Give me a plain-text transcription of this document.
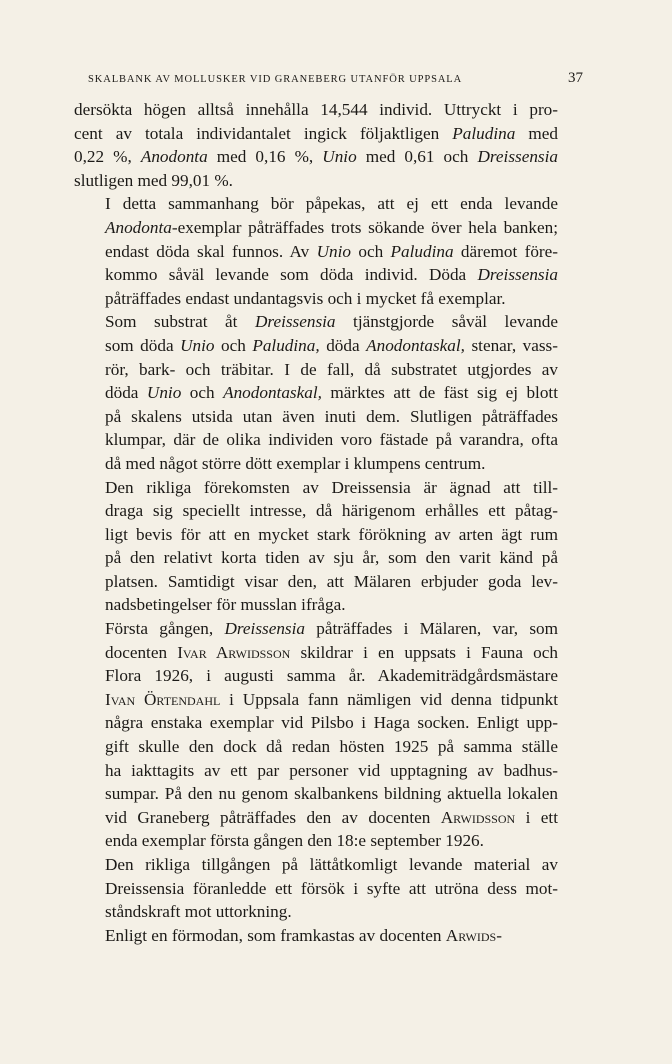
SKALBANK AV MOLLUSKER VID GRANEBERG UTANFÖR UPPSALA	37

dersökta högen alltså innehålla 14,544 individ. Uttryckt i pro-
cent av totala individantalet ingick följaktligen Paludina med
0,22 %, Anodonta med 0,16 %, Unio med 0,61 och Dreissensia
slutligen med 99,01 %.

I detta sammanhang bör påpekas, att ej ett enda levande
Anodonta-exemplar påträffades trots sökande över hela banken;
endast döda skal funnos. Av Unio och Paludina däremot före-
kommo såväl levande som döda individ. Döda Dreissensia
påträffades endast undantagsvis och i mycket få exemplar.

Som substrat åt Dreissensia tjänstgjorde såväl levande
som döda Unio och Paludina, döda Anodontaskal, stenar, vass-
rör, bark- och träbitar. I de fall, då substratet utgjordes av
döda Unio och Anodontaskal, märktes att de fäst sig ej blott
på skalens utsida utan även inuti dem. Slutligen påträffades
klumpar, där de olika individen voro fästade på varandra, ofta
då med något större dött exemplar i klumpens centrum.

Den rikliga förekomsten av Dreissensia är ägnad att till-
draga sig speciellt intresse, då härigenom erhålles ett påtag-
ligt bevis för att en mycket stark förökning av arten ägt rum
på den relativt korta tiden av sju år, som den varit känd på
platsen. Samtidigt visar den, att Mälaren erbjuder goda lev-
nadsbetingelser för musslan ifråga.

Första gången, Dreissensia påträffades i Mälaren, var, som
docenten Ivar Arwidsson skildrar i en uppsats i Fauna och
Flora 1926, i augusti samma år. Akademiträdgårdsmästare
Ivan Örtendahl i Uppsala fann nämligen vid denna tidpunkt
några enstaka exemplar vid Pilsbo i Haga socken. Enligt upp-
gift skulle den dock då redan hösten 1925 på samma ställe
ha iakttagits av ett par personer vid upptagning av badhus-
sumpar. På den nu genom skalbankens bildning aktuella lokalen
vid Graneberg påträffades den av docenten Arwidsson i ett
enda exemplar första gången den 18:e september 1926.

Den rikliga tillgången på lättåtkomligt levande material av
Dreissensia föranledde ett försök i syfte att utröna dess mot-
ståndskraft mot uttorkning.

Enligt en förmodan, som framkastas av docenten Arwids-
